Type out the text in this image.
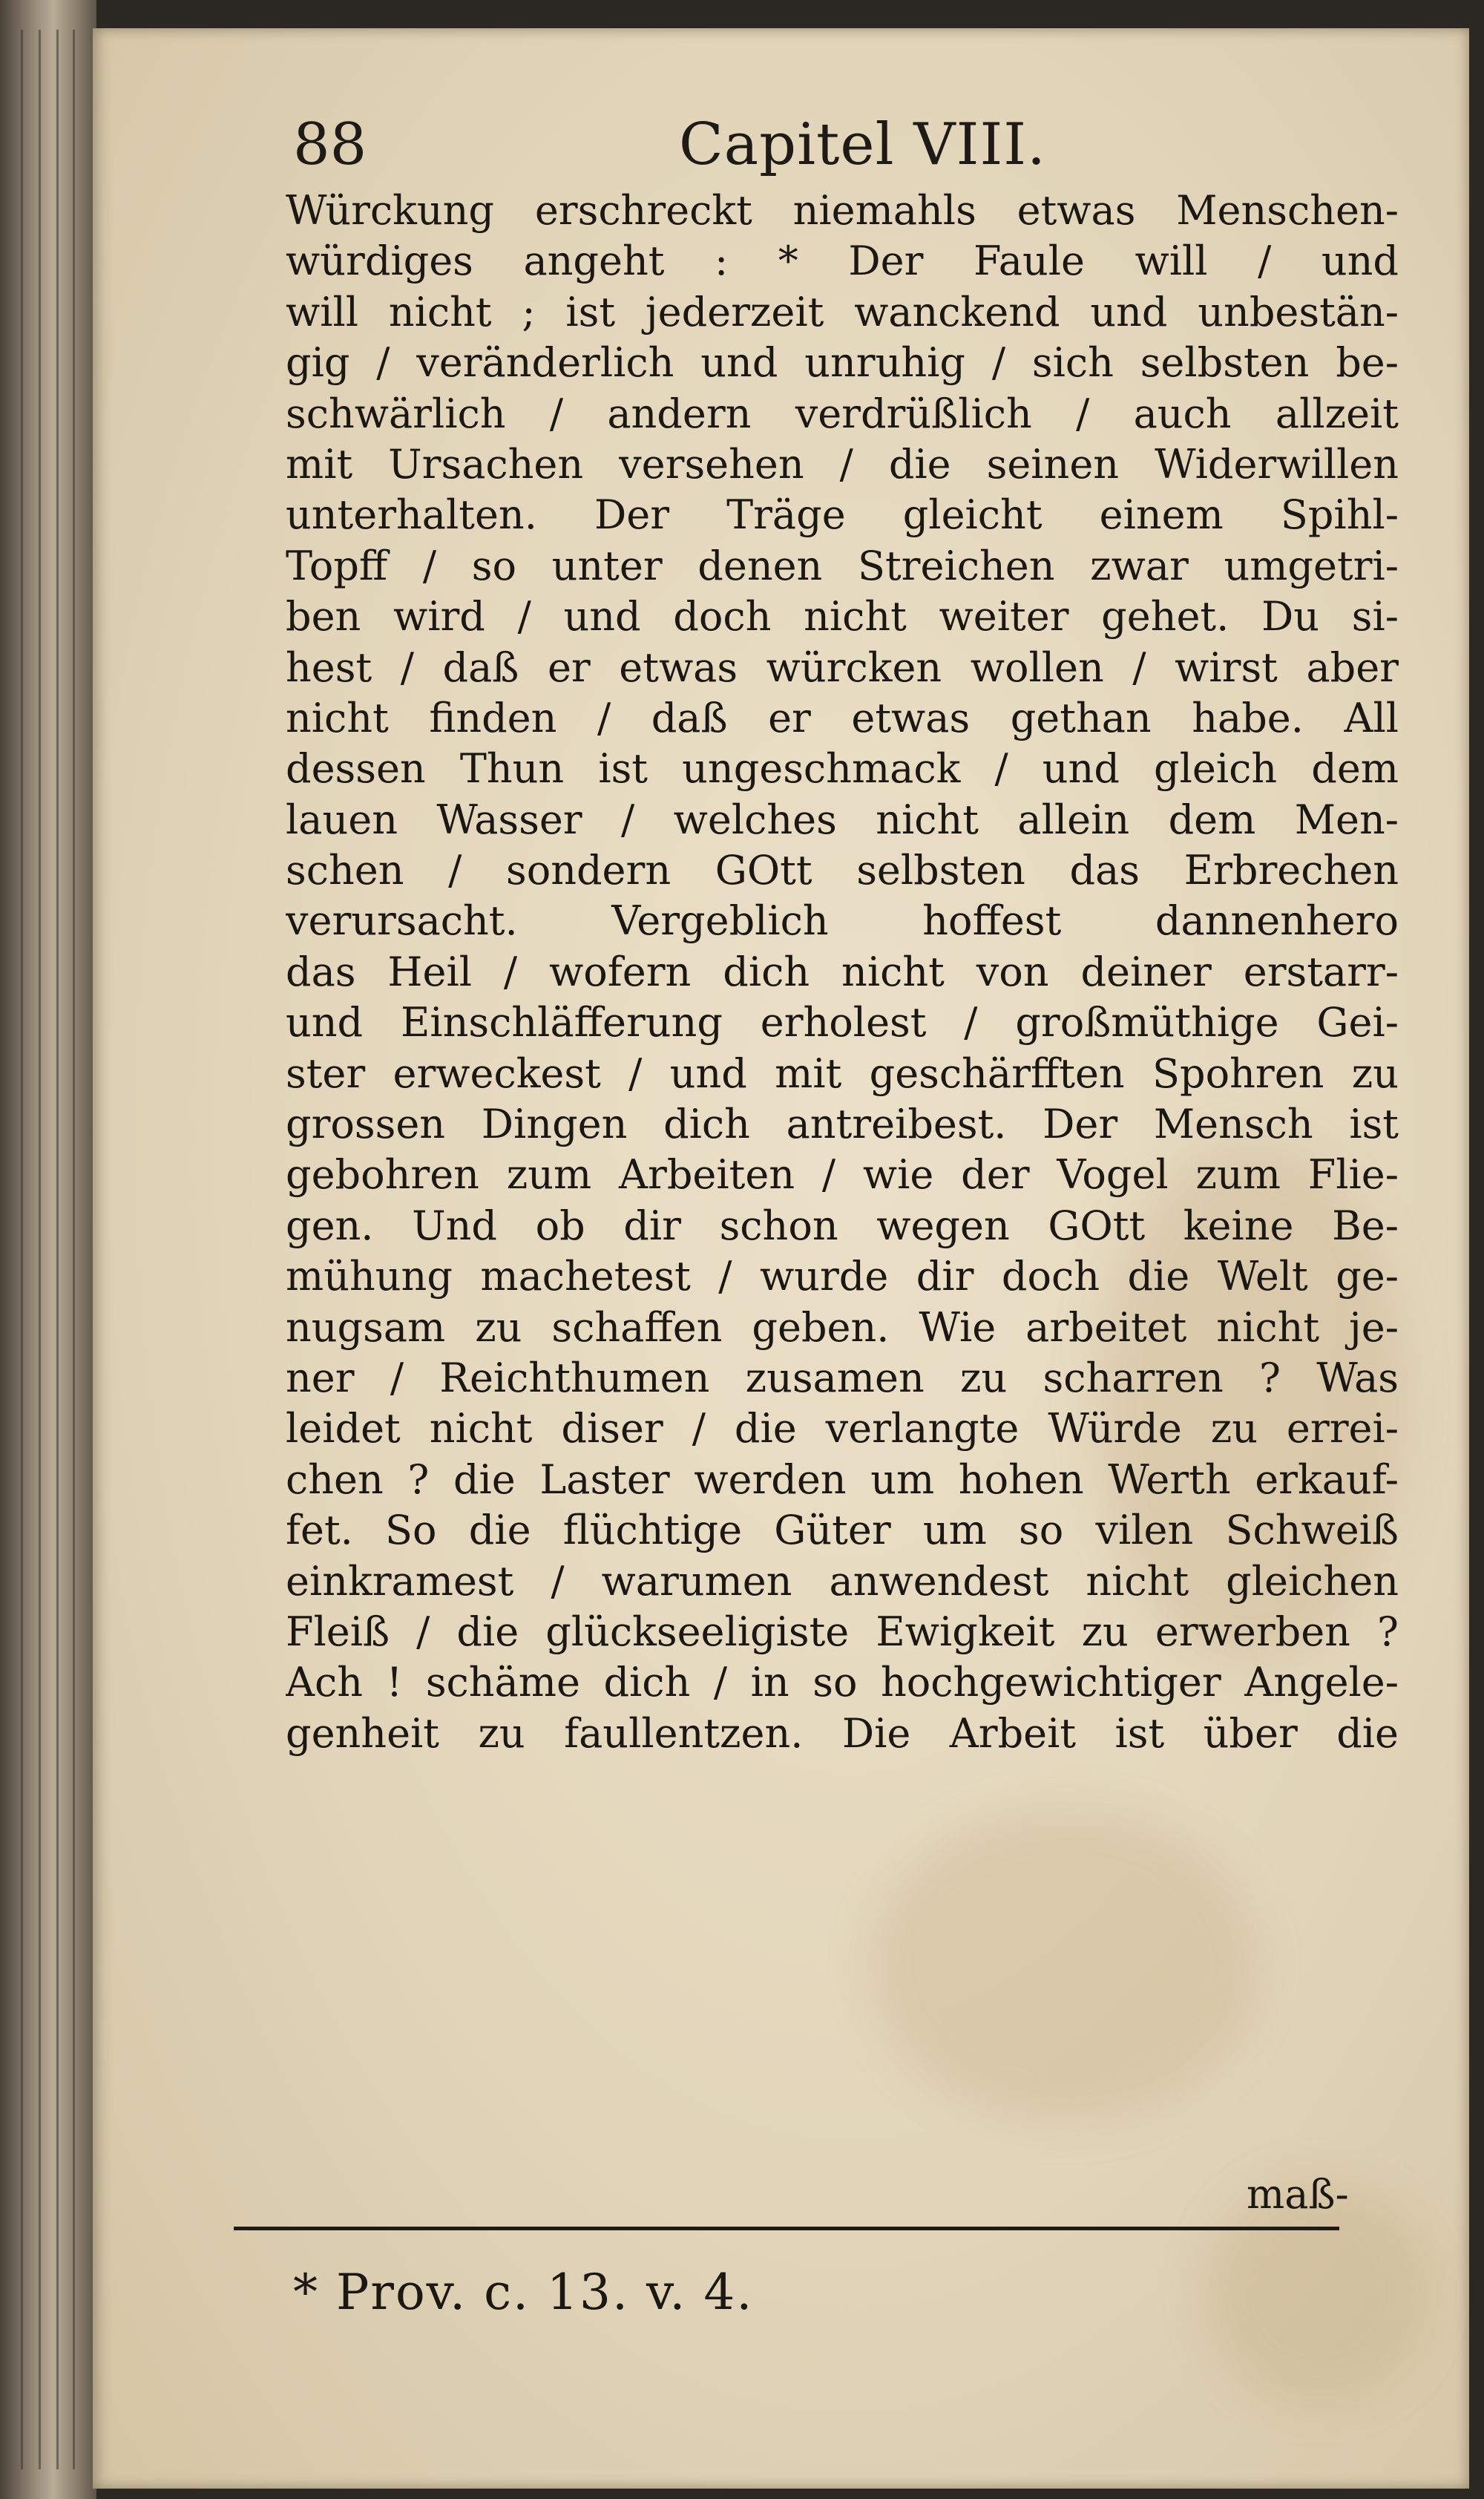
88	Capitel VIII.
Würckung erschreckt niemahls etwas Menschen-
würdiges angeht : * Der Faule will / und
will nicht ; ist jederzeit wanckend und unbestän-
gig / veränderlich und unruhig / sich selbsten be-
schwärlich / andern verdrüßlich / auch allzeit
mit Ursachen versehen / die seinen Widerwillen
unterhalten. Der Träge gleicht einem Spihl-
Topff / so unter denen Streichen zwar umgetri-
ben wird / und doch nicht weiter gehet. Du si-
hest / daß er etwas würcken wollen / wirst aber
nicht finden / daß er etwas gethan habe. All
dessen Thun ist ungeschmack / und gleich dem
lauen Wasser / welches nicht allein dem Men-
schen / sondern GOtt selbsten das Erbrechen
verursacht. Vergeblich hoffest dannenhero
das Heil / wofern dich nicht von deiner erstarr-
und Einschläfferung erholest / großmüthige Gei-
ster erweckest / und mit geschärfften Spohren zu
grossen Dingen dich antreibest. Der Mensch ist
gebohren zum Arbeiten / wie der Vogel zum Flie-
gen. Und ob dir schon wegen GOtt keine Be-
mühung machetest / wurde dir doch die Welt ge-
nugsam zu schaffen geben. Wie arbeitet nicht je-
ner / Reichthumen zusamen zu scharren ? Was
leidet nicht diser / die verlangte Würde zu errei-
chen ? die Laster werden um hohen Werth erkauf-
fet. So die flüchtige Güter um so vilen Schweiß
einkramest / warumen anwendest nicht gleichen
Fleiß / die glückseeligiste Ewigkeit zu erwerben ?
Ach ! schäme dich / in so hochgewichtiger Angele-
genheit zu faullentzen. Die Arbeit ist über die
maß-
* Prov. c. 13. v. 4.
